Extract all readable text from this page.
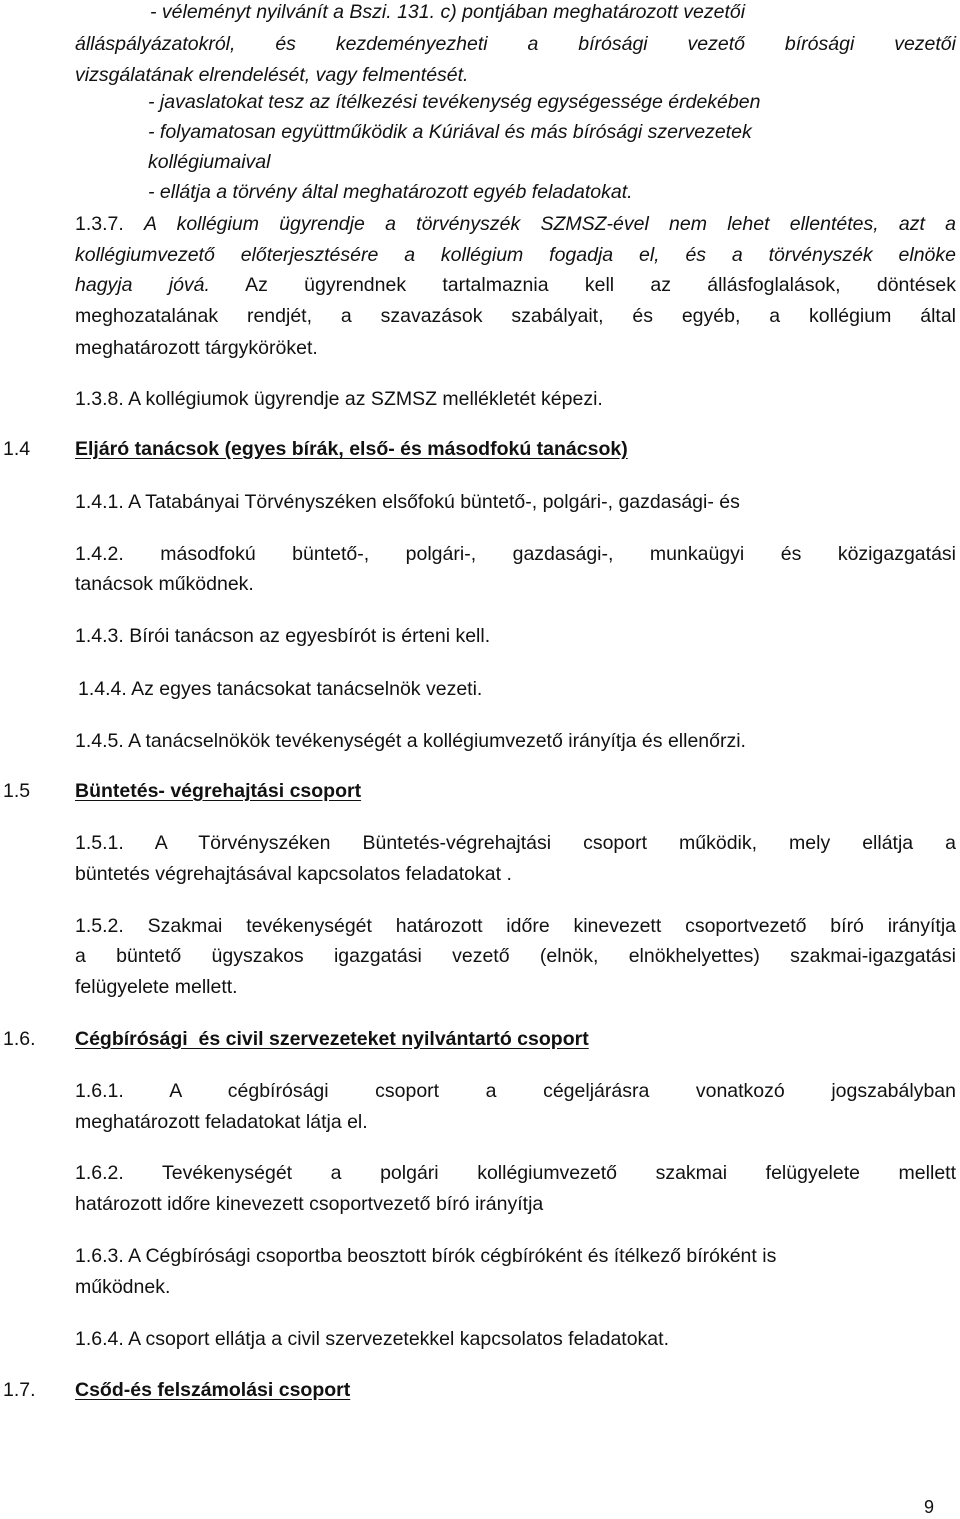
- véleményt nyilvánít a Bszi. 131. c) pontjában meghatározott vezetői
álláspályázatokról, és kezdeményezheti a bírósági vezető bírósági vezetői
vizsgálatának elrendelését, vagy felmentését.
- javaslatokat tesz az ítélkezési tevékenység egységessége érdekében
- folyamatosan együttműködik a Kúriával és más bírósági szervezetek
kollégiumaival
- ellátja a törvény által meghatározott egyéb feladatokat.
1.3.7. A kollégium ügyrendje a törvényszék SZMSZ-ével nem lehet ellentétes, azt a
kollégiumvezető előterjesztésére a kollégium fogadja el, és a törvényszék elnöke
hagyja jóvá. Az ügyrendnek tartalmaznia kell az állásfoglalások, döntések
meghozatalának rendjét, a szavazások szabályait, és egyéb, a kollégium által
meghatározott tárgyköröket.
1.3.8. A kollégiumok ügyrendje az SZMSZ mellékletét képezi.
1.4 Eljáró tanácsok (egyes bírák, első- és másodfokú tanácsok)
1.4.1. A Tatabányai Törvényszéken elsőfokú büntető-, polgári-, gazdasági- és
1.4.2. másodfokú büntető-, polgári-, gazdasági-, munkaügyi és közigazgatási
tanácsok működnek.
1.4.3. Bírói tanácson az egyesbírót is érteni kell.
1.4.4. Az egyes tanácsokat tanácselnök vezeti.
1.4.5. A tanácselnökök tevékenységét a kollégiumvezető irányítja és ellenőrzi.
1.5 Büntetés- végrehajtási csoport
1.5.1. A Törvényszéken Büntetés-végrehajtási csoport működik, mely ellátja a
büntetés végrehajtásával kapcsolatos feladatokat .
1.5.2. Szakmai tevékenységét határozott időre kinevezett csoportvezető bíró irányítja
a büntető ügyszakos igazgatási vezető (elnök, elnökhelyettes) szakmai-igazgatási
felügyelete mellett.
1.6. Cégbírósági  és civil szervezeteket nyilvántartó csoport
1.6.1. A cégbírósági csoport a cégeljárásra vonatkozó jogszabályban
meghatározott feladatokat látja el.
1.6.2. Tevékenységét a polgári kollégiumvezető szakmai felügyelete mellett
határozott időre kinevezett csoportvezető bíró irányítja
1.6.3. A Cégbírósági csoportba beosztott bírók cégbíróként és ítélkező bíróként is
működnek.
1.6.4. A csoport ellátja a civil szervezetekkel kapcsolatos feladatokat.
1.7. Csőd-és felszámolási csoport
9
